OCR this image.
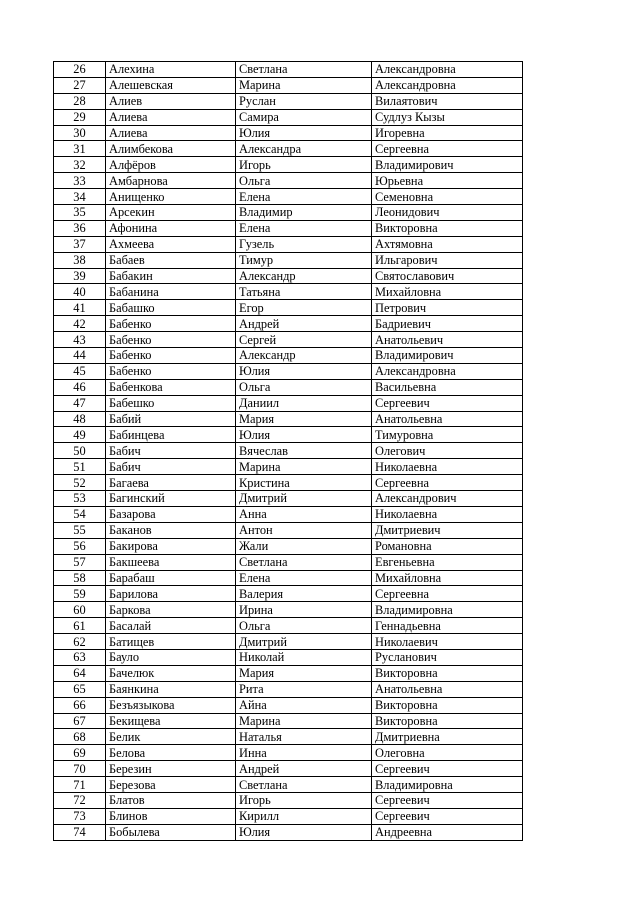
26	Алехина	Светлана	Александровна
27	Алешевская	Марина	Александровна
28	Алиев	Руслан	Вилаятович
29	Алиева	Самира	Судлуз Кызы
30	Алиева	Юлия	Игоревна
31	Алимбекова	Александра	Сергеевна
32	Алфёров	Игорь	Владимирович
33	Амбарнова	Ольга	Юрьевна
34	Анищенко	Елена	Семеновна
35	Арсекин	Владимир	Леонидович
36	Афонина	Елена	Викторовна
37	Ахмеева	Гузель	Ахтямовна
38	Бабаев	Тимур	Ильгарович
39	Бабакин	Александр	Святославович
40	Бабанина	Татьяна	Михайловна
41	Бабашко	Егор	Петрович
42	Бабенко	Андрей	Бадриевич
43	Бабенко	Сергей	Анатольевич
44	Бабенко	Александр	Владимирович
45	Бабенко	Юлия	Александровна
46	Бабенкова	Ольга	Васильевна
47	Бабешко	Даниил	Сергеевич
48	Бабий	Мария	Анатольевна
49	Бабинцева	Юлия	Тимуровна
50	Бабич	Вячеслав	Олегович
51	Бабич	Марина	Николаевна
52	Багаева	Кристина	Сергеевна
53	Багинский	Дмитрий	Александрович
54	Базарова	Анна	Николаевна
55	Баканов	Антон	Дмитриевич
56	Бакирова	Жали	Романовна
57	Бакшеева	Светлана	Евгеньевна
58	Барабаш	Елена	Михайловна
59	Барилова	Валерия	Сергеевна
60	Баркова	Ирина	Владимировна
61	Басалай	Ольга	Геннадьевна
62	Батищев	Дмитрий	Николаевич
63	Бауло	Николай	Русланович
64	Бачелюк	Мария	Викторовна
65	Баянкина	Рита	Анатольевна
66	Безъязыкова	Айна	Викторовна
67	Бекищева	Марина	Викторовна
68	Белик	Наталья	Дмитриевна
69	Белова	Инна	Олеговна
70	Березин	Андрей	Сергеевич
71	Березова	Светлана	Владимировна
72	Блатов	Игорь	Сергеевич
73	Блинов	Кирилл	Сергеевич
74	Бобылева	Юлия	Андреевна
